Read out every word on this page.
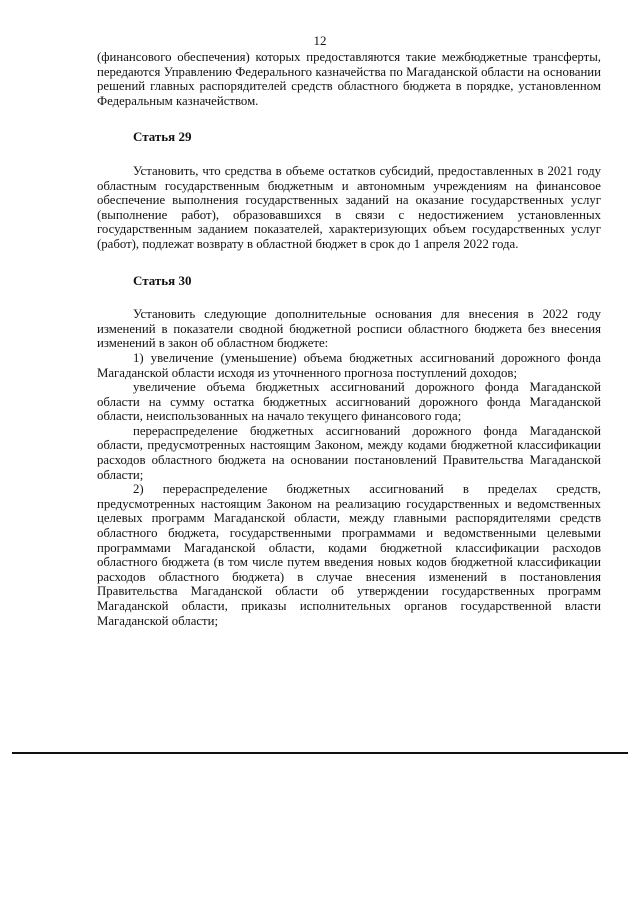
12

(финансового обеспечения) которых предоставляются такие межбюджетные трансферты, передаются Управлению Федерального казначейства по Магаданской области на основании решений главных распорядителей средств областного бюджета в порядке, установленном Федеральным казначейством.

Статья 29

Установить, что средства в объеме остатков субсидий, предоставленных в 2021 году областным государственным бюджетным и автономным учреждениям на финансовое обеспечение выполнения государственных заданий на оказание государственных услуг (выполнение работ), образовавшихся в связи с недостижением установленных государственным заданием показателей, характеризующих объем государственных услуг (работ), подлежат возврату в областной бюджет в срок до 1 апреля 2022 года.

Статья 30

Установить следующие дополнительные основания для внесения в 2022 году изменений в показатели сводной бюджетной росписи областного бюджета без внесения изменений в закон об областном бюджете:

1) увеличение (уменьшение) объема бюджетных ассигнований дорожного фонда Магаданской области исходя из уточненного прогноза поступлений доходов;

увеличение объема бюджетных ассигнований дорожного фонда Магаданской области на сумму остатка бюджетных ассигнований дорожного фонда Магаданской области, неиспользованных на начало текущего финансового года;

перераспределение бюджетных ассигнований дорожного фонда Магаданской области, предусмотренных настоящим Законом, между кодами бюджетной классификации расходов областного бюджета на основании постановлений Правительства Магаданской области;

2) перераспределение бюджетных ассигнований в пределах средств, предусмотренных настоящим Законом на реализацию государственных и ведомственных целевых программ Магаданской области, между главными распорядителями средств областного бюджета, государственными программами и ведомственными целевыми программами Магаданской области, кодами бюджетной классификации расходов областного бюджета (в том числе путем введения новых кодов бюджетной классификации расходов областного бюджета) в случае внесения изменений в постановления Правительства Магаданской области об утверждении государственных программ Магаданской области, приказы исполнительных органов государственной власти Магаданской области;
